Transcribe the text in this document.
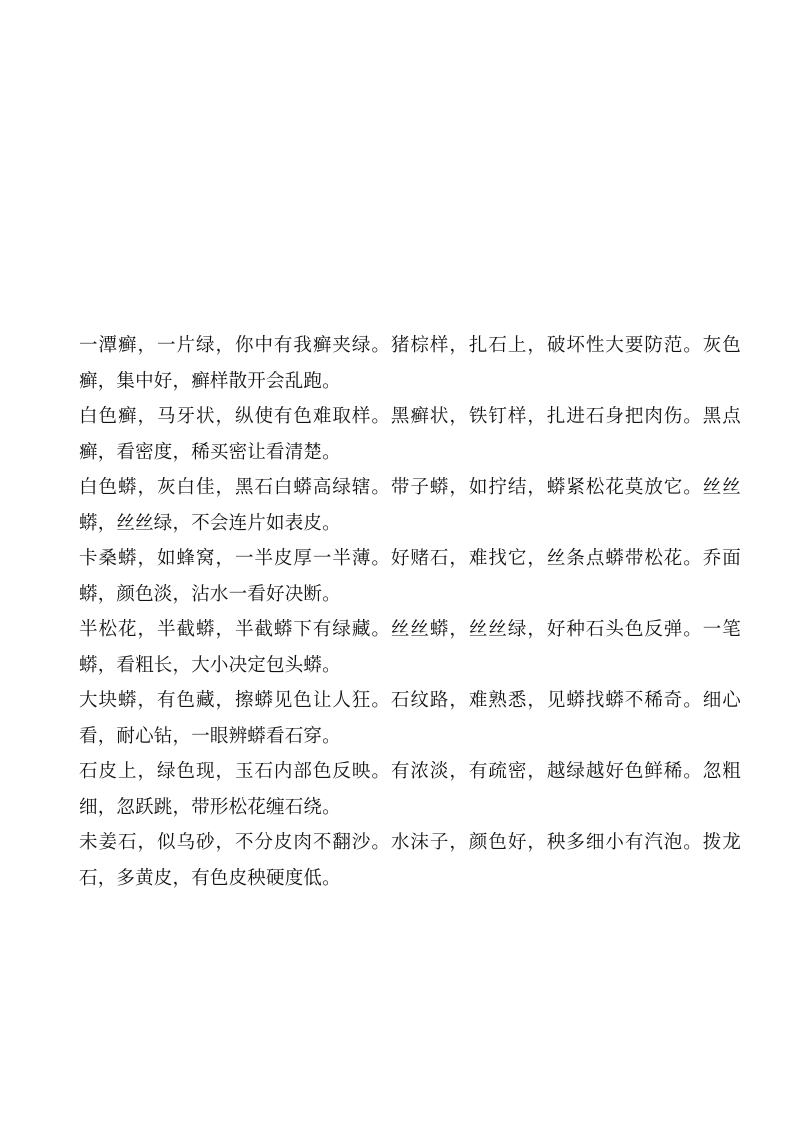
一潭癣，一片绿，你中有我癣夹绿。猪棕样，扎石上，破坏性大要防范。灰色癣，集中好，癣样散开会乱跑。

白色癣，马牙状，纵使有色难取样。黑癣状，铁钉样，扎进石身把肉伤。黑点癣，看密度，稀买密让看清楚。

白色蟒，灰白佳，黑石白蟒高绿辖。带子蟒，如拧结，蟒紧松花莫放它。丝丝蟒，丝丝绿，不会连片如表皮。

卡桑蟒，如蜂窝，一半皮厚一半薄。好赌石，难找它，丝条点蟒带松花。乔面蟒，颜色淡，沾水一看好决断。

半松花，半截蟒，半截蟒下有绿藏。丝丝蟒，丝丝绿，好种石头色反弹。一笔蟒，看粗长，大小决定包头蟒。

大块蟒，有色藏，擦蟒见色让人狂。石纹路，难熟悉，见蟒找蟒不稀奇。细心看，耐心钻，一眼辨蟒看石穿。

石皮上，绿色现，玉石内部色反映。有浓淡，有疏密，越绿越好色鲜稀。忽粗细，忽跃跳，带形松花缠石绕。

未姜石，似乌砂，不分皮肉不翻沙。水沫子，颜色好，秧多细小有汽泡。拨龙石，多黄皮，有色皮秧硬度低。
